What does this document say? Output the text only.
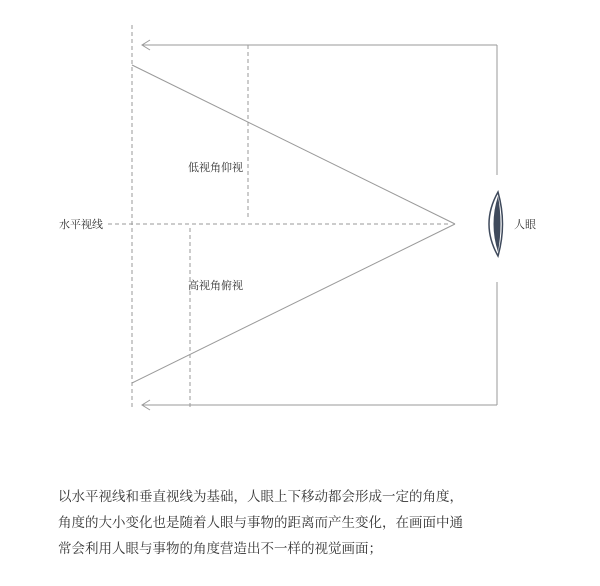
水平视线
低视角仰视
高视角俯视
人眼

以水平视线和垂直视线为基础，人眼上下移动都会形成一定的角度，
角度的大小变化也是随着人眼与事物的距离而产生变化，在画面中通
常会利用人眼与事物的角度营造出不一样的视觉画面；
